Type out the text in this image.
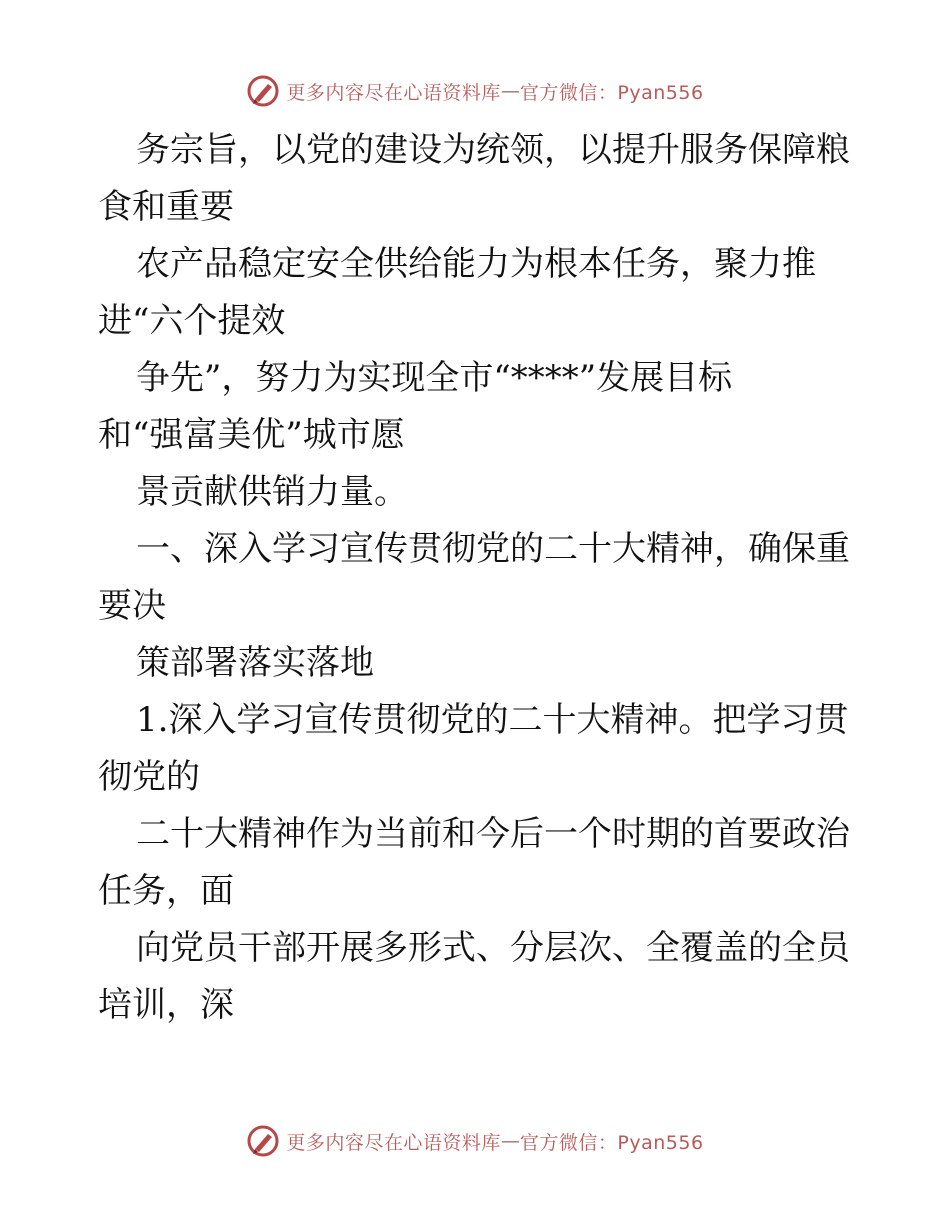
更多内容尽在心语资料库 — 官方微信：Pyan556
务宗旨，以党的建设为统领，以提升服务保障粮
食和重要
农产品稳定安全供给能力为根本任务，聚力推
进“六个提效
争先”，努力为实现全市“****”发展目标
和“强富美优”城市愿
景贡献供销力量。
一、深入学习宣传贯彻党的二十大精神，确保重
要决
策部署落实落地
1.深入学习宣传贯彻党的二十大精神。把学习贯
彻党的
二十大精神作为当前和今后一个时期的首要政治
任务，面
向党员干部开展多形式、分层次、全覆盖的全员
培训，深
更多内容尽在心语资料库 — 官方微信：Pyan556
